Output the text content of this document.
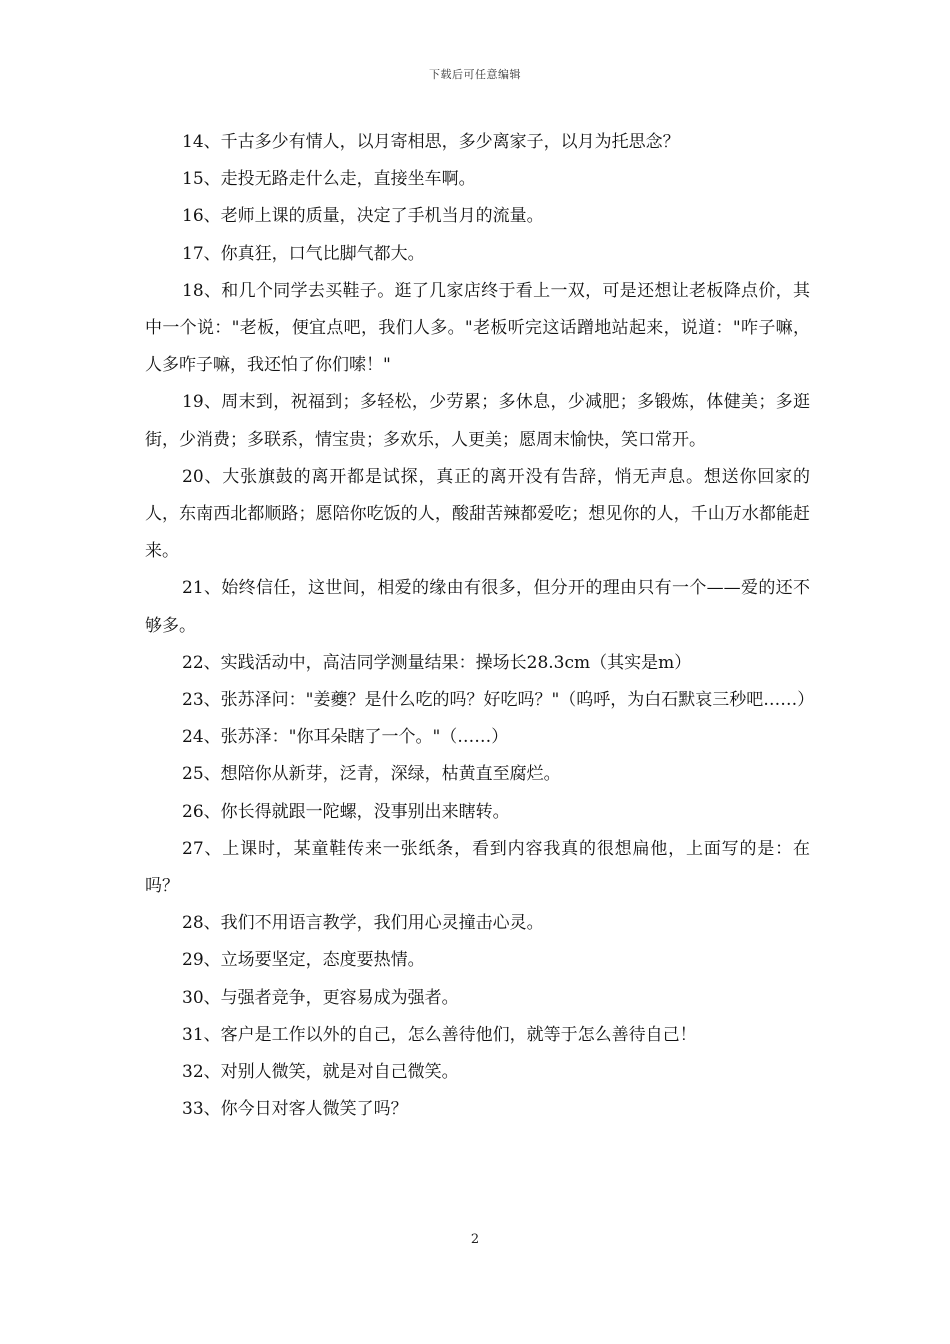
下载后可任意编辑

14、千古多少有情人，以月寄相思，多少离家子，以月为托思念？

15、走投无路走什么走，直接坐车啊。

16、老师上课的质量，决定了手机当月的流量。

17、你真狂，口气比脚气都大。

18、和几个同学去买鞋子。逛了几家店终于看上一双，可是还想让老板降点价，其中一个说："老板，便宜点吧，我们人多。"老板听完这话蹭地站起来，说道："咋子嘛，人多咋子嘛，我还怕了你们嗦！"

19、周末到，祝福到；多轻松，少劳累；多休息，少减肥；多锻炼，体健美；多逛街，少消费；多联系，情宝贵；多欢乐，人更美；愿周末愉快，笑口常开。

20、大张旗鼓的离开都是试探，真正的离开没有告辞，悄无声息。想送你回家的人，东南西北都顺路；愿陪你吃饭的人，酸甜苦辣都爱吃；想见你的人，千山万水都能赶来。

21、始终信任，这世间，相爱的缘由有很多，但分开的理由只有一个——爱的还不够多。

22、实践活动中，高洁同学测量结果：操场长28.3cm（其实是m）

23、张苏泽问："姜夔？是什么吃的吗？好吃吗？"（呜呼，为白石默哀三秒吧……）

24、张苏泽："你耳朵瞎了一个。"（……）

25、想陪你从新芽，泛青，深绿，枯黄直至腐烂。

26、你长得就跟一陀螺，没事别出来瞎转。

27、上课时，某童鞋传来一张纸条，看到内容我真的很想扁他，上面写的是：在吗？

28、我们不用语言教学，我们用心灵撞击心灵。

29、立场要坚定，态度要热情。

30、与强者竞争，更容易成为强者。

31、客户是工作以外的自己，怎么善待他们，就等于怎么善待自己！

32、对别人微笑，就是对自己微笑。

33、你今日对客人微笑了吗？

2
